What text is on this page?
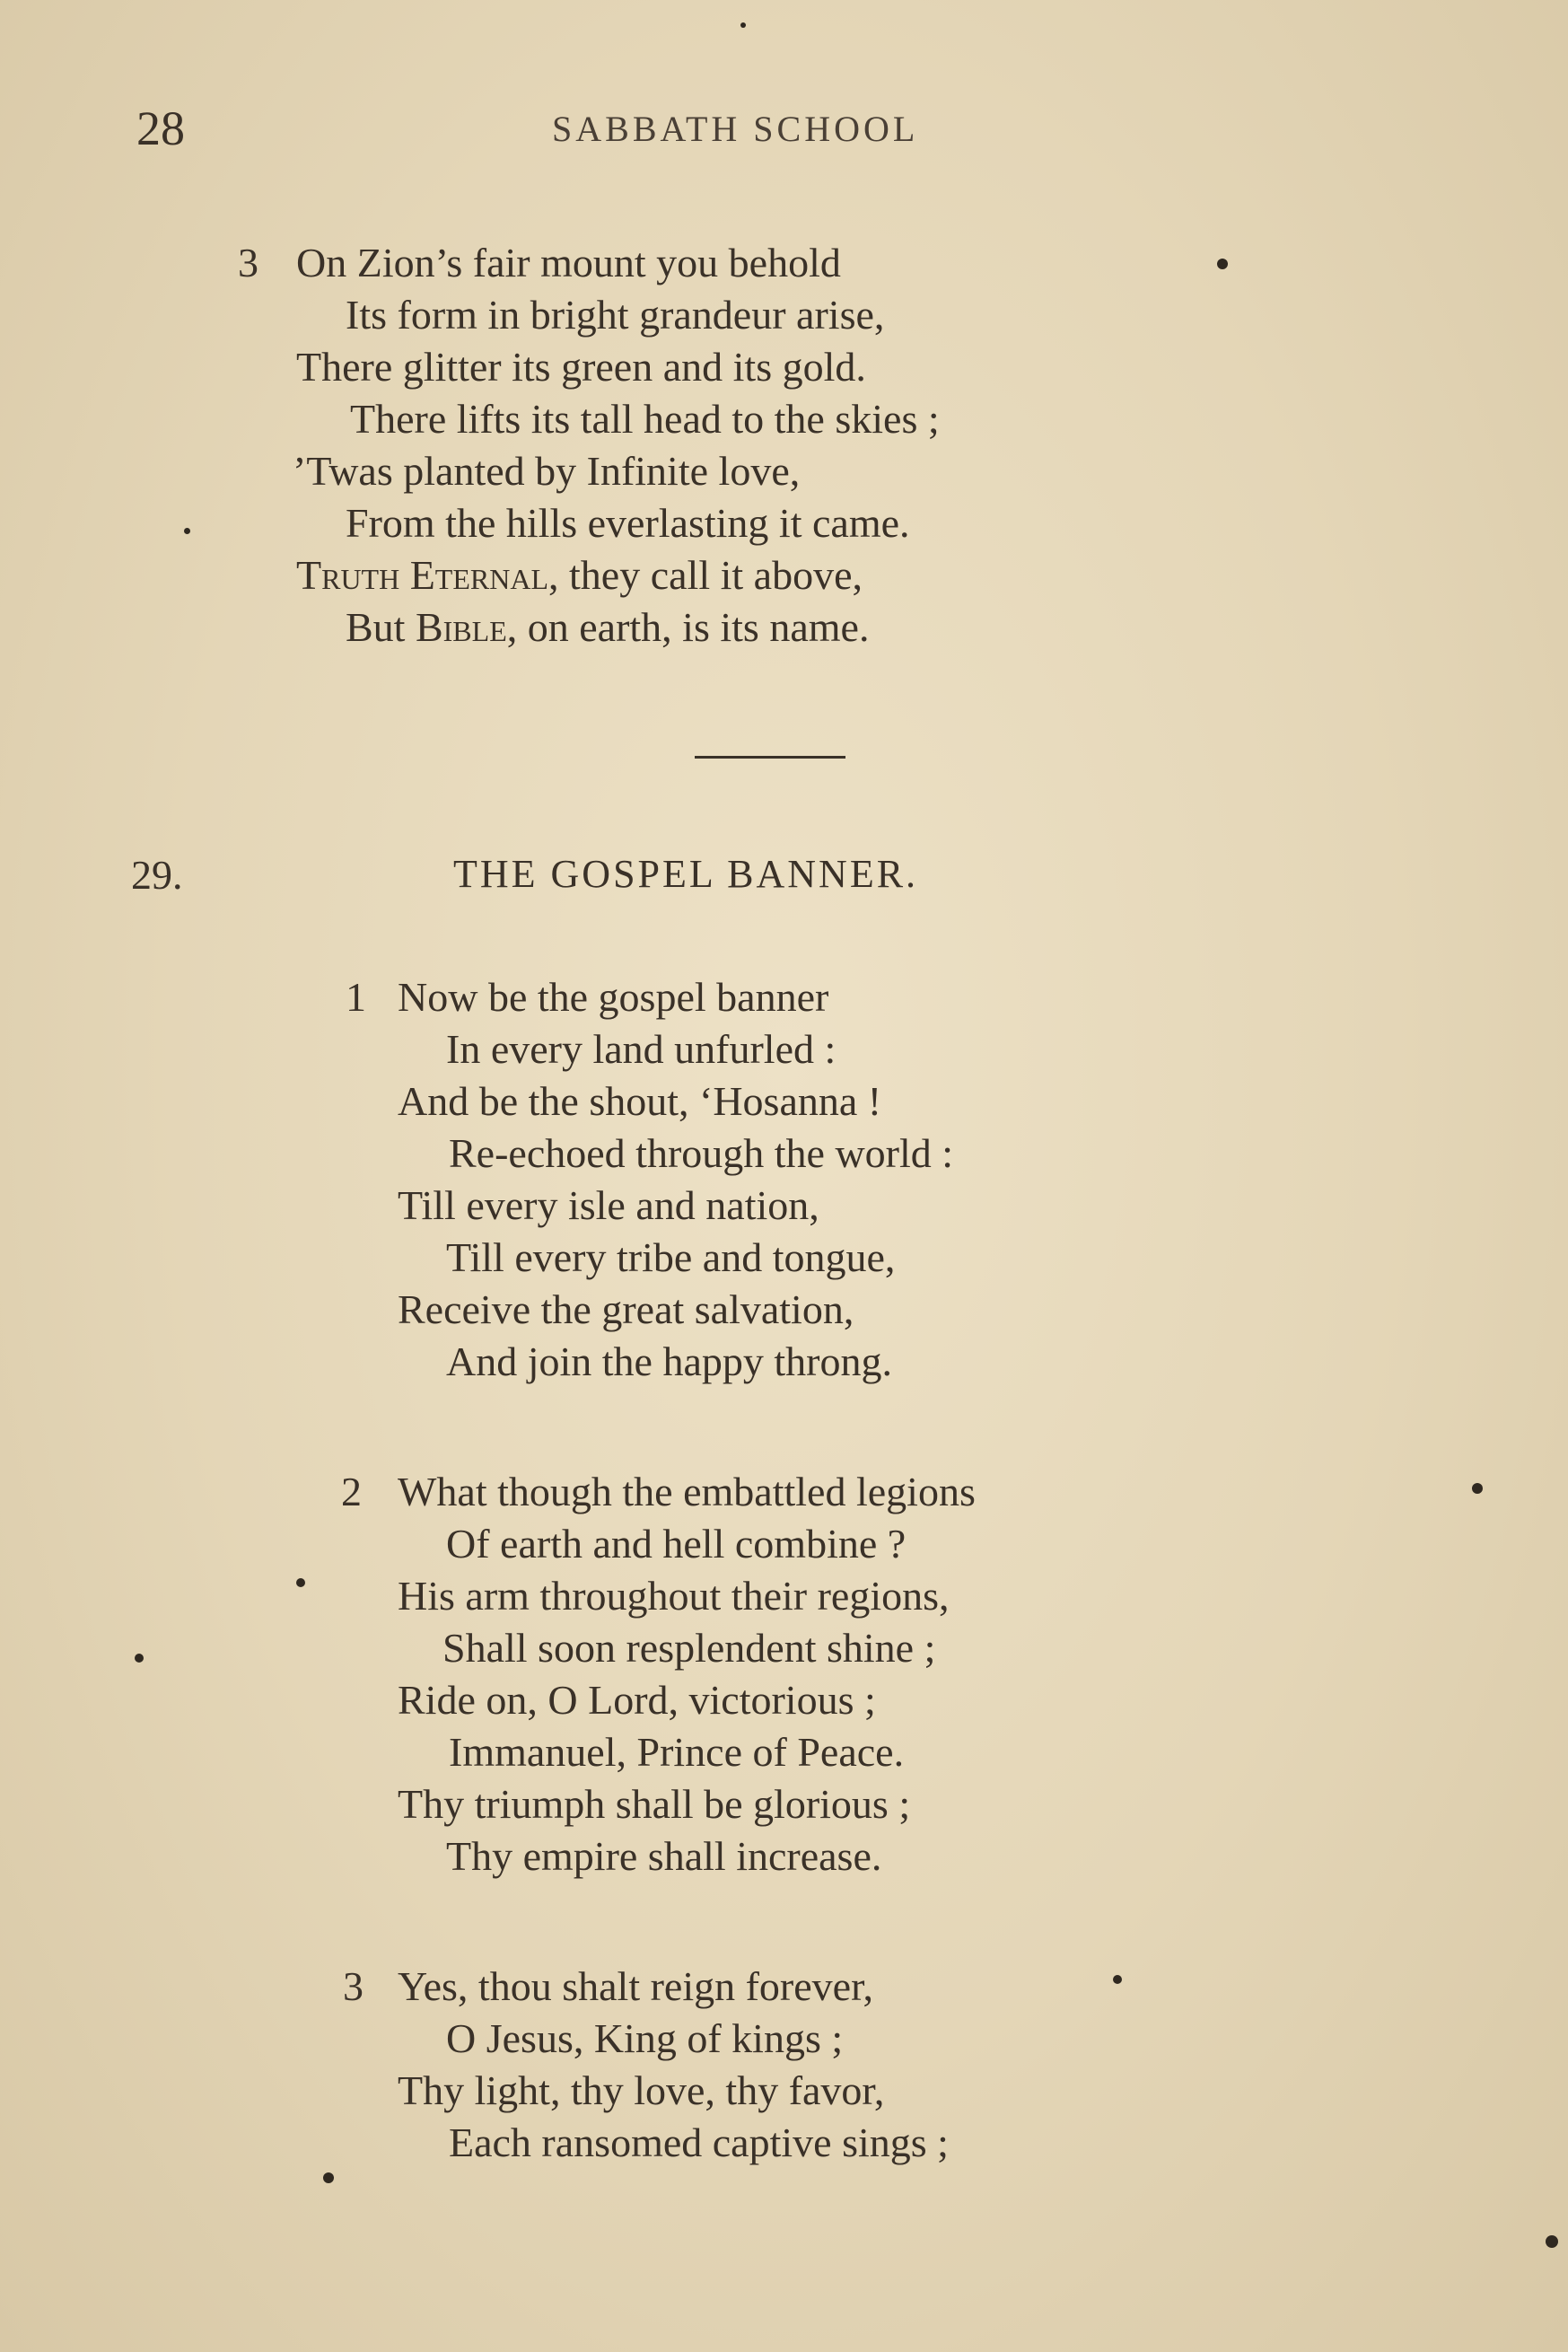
28	SABBATH SCHOOL
3 On Zion’s fair mount you behold
Its form in bright grandeur arise,
There glitter its green and its gold.
There lifts its tall head to the skies ;
’Twas planted by Infinite love,
From the hills everlasting it came.
Truth Eternal, they call it above,
But Bible, on earth, is its name.
29.	THE GOSPEL BANNER.
1 Now be the gospel banner
In every land unfurled :
And be the shout, ‘Hosanna !
Re-echoed through the world :
Till every isle and nation,
Till every tribe and tongue,
Receive the great salvation,
And join the happy throng.
2 What though the embattled legions
Of earth and hell combine ?
His arm throughout their regions,
Shall soon resplendent shine ;
Ride on, O Lord, victorious ;
Immanuel, Prince of Peace.
Thy triumph shall be glorious ;
Thy empire shall increase.
3 Yes, thou shalt reign forever,
O Jesus, King of kings ;
Thy light, thy love, thy favor,
Each ransomed captive sings ;
